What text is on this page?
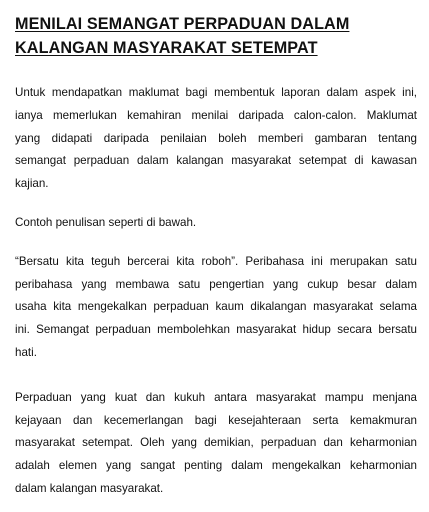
MENILAI SEMANGAT PERPADUAN DALAM
KALANGAN MASYARAKAT SETEMPAT

Untuk mendapatkan maklumat bagi membentuk laporan dalam aspek ini,
ianya memerlukan kemahiran menilai daripada calon-calon. Maklumat
yang didapati daripada penilaian boleh memberi gambaran tentang
semangat perpaduan dalam kalangan masyarakat setempat di kawasan
kajian.

Contoh penulisan seperti di bawah.

“Bersatu kita teguh bercerai kita roboh”. Peribahasa ini merupakan satu
peribahasa yang membawa satu pengertian yang cukup besar dalam
usaha kita mengekalkan perpaduan kaum dikalangan masyarakat selama
ini. Semangat perpaduan membolehkan masyarakat hidup secara bersatu
hati.

Perpaduan yang kuat dan kukuh antara masyarakat mampu menjana
kejayaan dan kecemerlangan bagi kesejahteraan serta kemakmuran
masyarakat setempat. Oleh yang demikian, perpaduan dan keharmonian
adalah elemen yang sangat penting dalam mengekalkan keharmonian
dalam kalangan masyarakat.
